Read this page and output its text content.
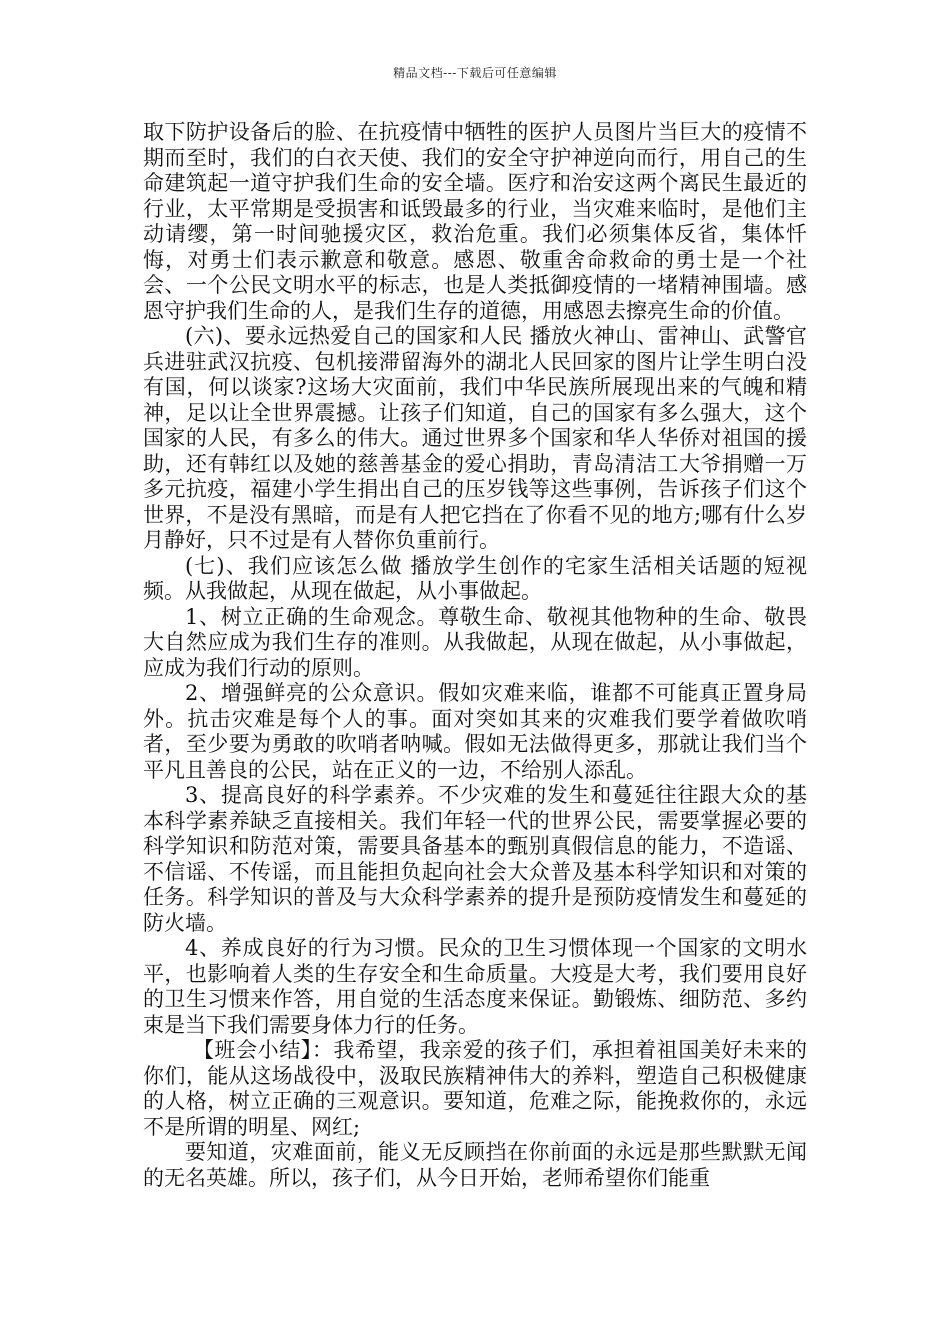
精品文档---下载后可任意编辑

取下防护设备后的脸、在抗疫情中牺牲的医护人员图片当巨大的疫情不期而至时，我们的白衣天使、我们的安全守护神逆向而行，用自己的生命建筑起一道守护我们生命的安全墙。医疗和治安这两个离民生最近的行业，太平常期是受损害和诋毁最多的行业，当灾难来临时，是他们主动请缨，第一时间驰援灾区，救治危重。我们必须集体反省，集体忏悔，对勇士们表示歉意和敬意。感恩、敬重舍命救命的勇士是一个社会、一个公民文明水平的标志，也是人类抵御疫情的一堵精神围墙。感恩守护我们生命的人，是我们生存的道德，用感恩去擦亮生命的价值。

(六)、要永远热爱自己的国家和人民 播放火神山、雷神山、武警官兵进驻武汉抗疫、包机接滞留海外的湖北人民回家的图片让学生明白没有国，何以谈家?这场大灾面前，我们中华民族所展现出来的气魄和精神，足以让全世界震撼。让孩子们知道，自己的国家有多么强大，这个国家的人民，有多么的伟大。通过世界多个国家和华人华侨对祖国的援助，还有韩红以及她的慈善基金的爱心捐助，青岛清洁工大爷捐赠一万多元抗疫，福建小学生捐出自己的压岁钱等这些事例，告诉孩子们这个世界，不是没有黑暗，而是有人把它挡在了你看不见的地方;哪有什么岁月静好，只不过是有人替你负重前行。

(七)、我们应该怎么做 播放学生创作的宅家生活相关话题的短视频。从我做起，从现在做起，从小事做起。

1、树立正确的生命观念。尊敬生命、敬视其他物种的生命、敬畏大自然应成为我们生存的准则。从我做起，从现在做起，从小事做起，应成为我们行动的原则。

2、增强鲜亮的公众意识。假如灾难来临，谁都不可能真正置身局外。抗击灾难是每个人的事。面对突如其来的灾难我们要学着做吹哨者，至少要为勇敢的吹哨者呐喊。假如无法做得更多，那就让我们当个平凡且善良的公民，站在正义的一边，不给别人添乱。

3、提高良好的科学素养。不少灾难的发生和蔓延往往跟大众的基本科学素养缺乏直接相关。我们年轻一代的世界公民，需要掌握必要的科学知识和防范对策，需要具备基本的甄别真假信息的能力，不造谣、不信谣、不传谣，而且能担负起向社会大众普及基本科学知识和对策的任务。科学知识的普及与大众科学素养的提升是预防疫情发生和蔓延的防火墙。

4、养成良好的行为习惯。民众的卫生习惯体现一个国家的文明水平，也影响着人类的生存安全和生命质量。大疫是大考，我们要用良好的卫生习惯来作答，用自觉的生活态度来保证。勤锻炼、细防范、多约束是当下我们需要身体力行的任务。

【班会小结】：我希望，我亲爱的孩子们，承担着祖国美好未来的你们，能从这场战役中，汲取民族精神伟大的养料，塑造自己积极健康的人格，树立正确的三观意识。要知道，危难之际，能挽救你的，永远不是所谓的明星、网红;

要知道，灾难面前，能义无反顾挡在你前面的永远是那些默默无闻的无名英雄。所以，孩子们，从今日开始，老师希望你们能重
